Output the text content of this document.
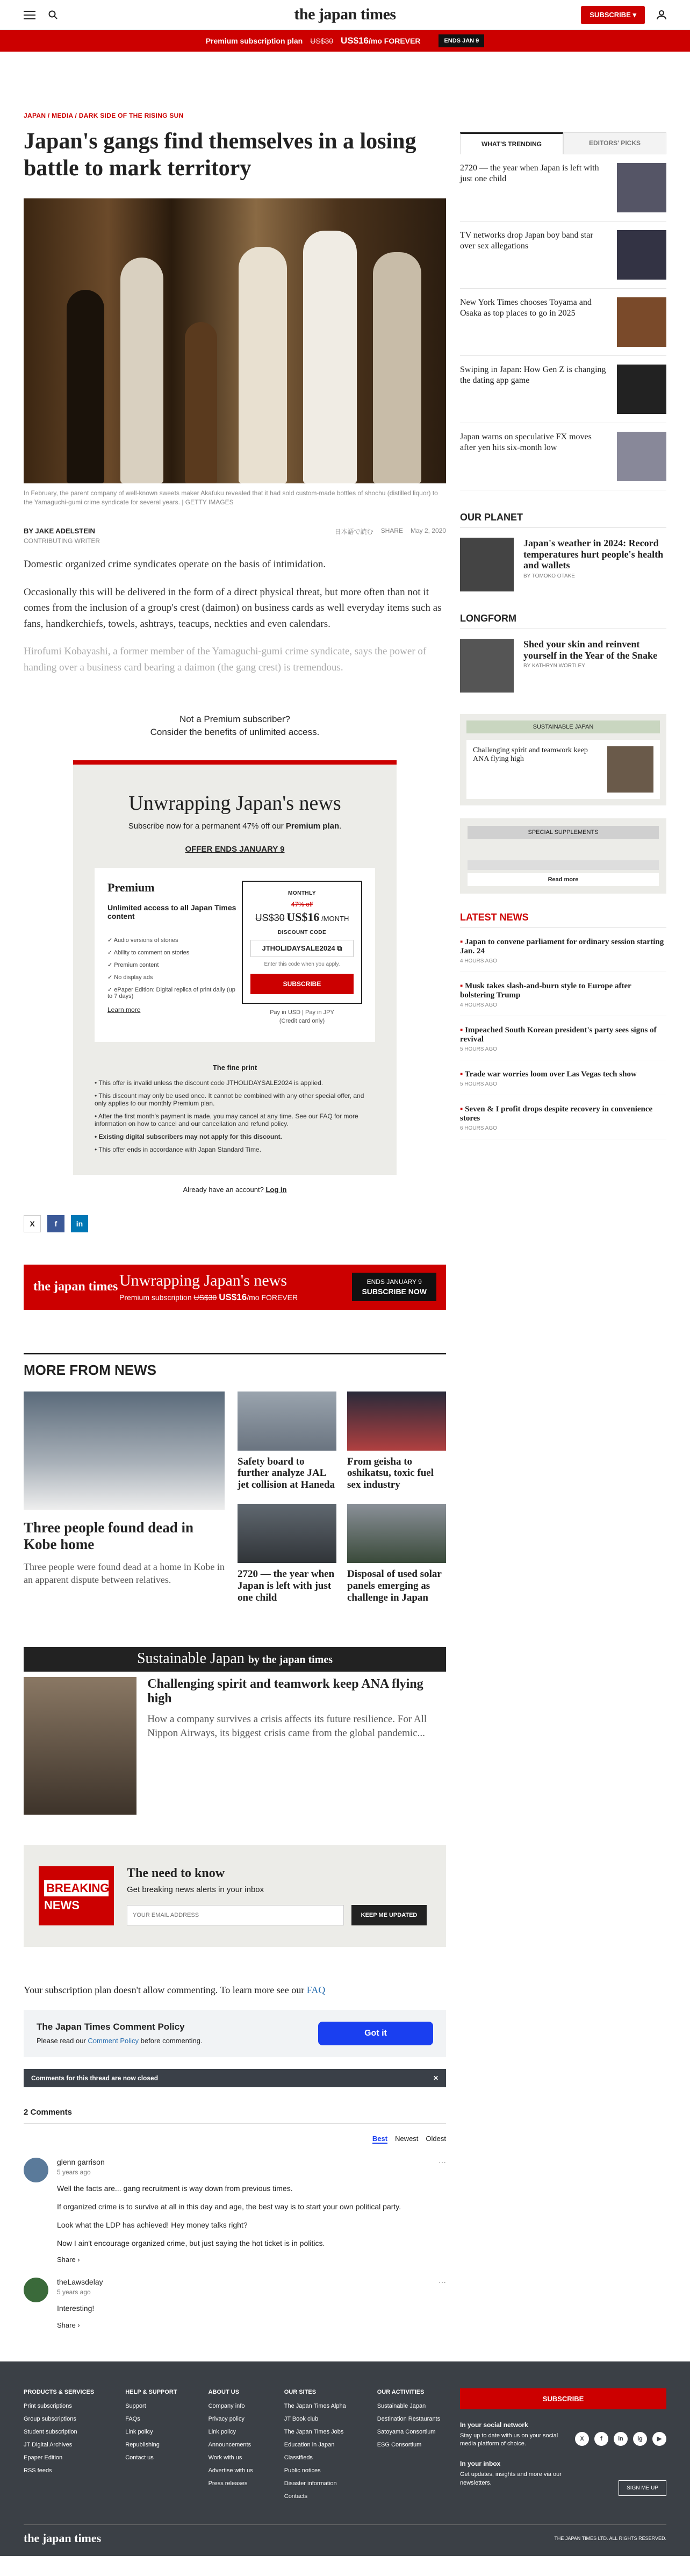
the japan times	SUBSCRIBE ▾
Premium subscription plan US$30 US$16/mo FOREVER	ENDS JAN 9
JAPAN / MEDIA / DARK SIDE OF THE RISING SUN
Japan's gangs find themselves in a losing battle to mark territory
In February, the parent company of well-known sweets maker Akafuku revealed that it had sold custom-made bottles of shochu (distilled liquor) to the Yamaguchi-gumi crime syndicate for several years. | GETTY IMAGES
BY JAKE ADELSTEIN
CONTRIBUTING WRITER
日本語で読む SHARE May 2, 2020

Domestic organized crime syndicates operate on the basis of intimidation.

Occasionally this will be delivered in the form of a direct physical threat, but more often than not it comes from the inclusion of a group's crest (daimon) on business cards as well everyday items such as fans, handkerchiefs, towels, ashtrays, teacups, neckties and even calendars.

Hirofumi Kobayashi, a former member of the Yamaguchi-gumi crime syndicate, says the power of handing over a business card bearing a daimon (the gang crest) is tremendous.

Not a Premium subscriber?
Consider the benefits of unlimited access.
Unwrapping Japan's news
Subscribe now for a permanent 47% off our Premium plan.
OFFER ENDS JANUARY 9
Premium
Unlimited access to all Japan Times content
✓ Audio versions of stories
✓ Ability to comment on stories
✓ Premium content
✓ No display ads
✓ ePaper Edition: Digital replica of print daily (up to 7 days)
Learn more
MONTHLY
47% off
US$30 US$16 /MONTH
DISCOUNT CODE
JTHOLIDAYSALE2024 ⧉
Enter this code when you apply.
SUBSCRIBE
Pay in USD | Pay in JPY
(Credit card only)
The fine print
• This offer is invalid unless the discount code JTHOLIDAYSALE2024 is applied.
• This discount may only be used once. It cannot be combined with any other special offer, and only applies to our monthly Premium plan.
• After the first month's payment is made, you may cancel at any time. See our FAQ for more information on how to cancel and our cancellation and refund policy.
• Existing digital subscribers may not apply for this discount.
• This offer ends in accordance with Japan Standard Time.
Already have an account? Log in
X	f	in
the japan times Unwrapping Japan's news
Premium subscription US$30 US$16/mo FOREVER
ENDS JANUARY 9
SUBSCRIBE NOW
MORE FROM NEWS
Three people found dead in Kobe home

Three people were found dead at a home in Kobe in an apparent dispute between relatives.

Safety board to further analyze JAL jet collision at Haneda
From geisha to oshikatsu, toxic fuel sex industry
2720 — the year when Japan is left with just one child
Disposal of used solar panels emerging as challenge in Japan
Sustainable Japan by the japan times
Challenging spirit and teamwork keep ANA flying high

How a company survives a crisis affects its future resilience. For All Nippon Airways, its biggest crisis came from the global pandemic...

BREAKING
NEWS
The need to know

Get breaking news alerts in your inbox

YOUR EMAIL ADDRESS
KEEP ME UPDATED
Your subscription plan doesn't allow commenting. To learn more see our FAQ
The Japan Times Comment Policy

Please read our Comment Policy before commenting.

Got it
Comments for this thread are now closed	✕
2 Comments
Best Newest Oldest
glenn garrison	···
5 years ago

Well the facts are... gang recruitment is way down from previous times.

If organized crime is to survive at all in this day and age, the best way is to start your own political party.

Look what the LDP has achieved! Hey money talks right?

Now I ain't encourage organized crime, but just saying the hot ticket is in politics.

Share ›
theLawsdelay	···
5 years ago

Interesting!

Share ›
WHAT'S TRENDING	EDITORS' PICKS
2720 — the year when Japan is left with just one child
TV networks drop Japan boy band star over sex allegations
New York Times chooses Toyama and Osaka as top places to go in 2025
Swiping in Japan: How Gen Z is changing the dating app game
Japan warns on speculative FX moves after yen hits six-month low
OUR PLANET
Japan's weather in 2024: Record temperatures hurt people's health and wallets
BY TOMOKO OTAKE
LONGFORM
Shed your skin and reinvent yourself in the Year of the Snake
BY KATHRYN WORTLEY
SUSTAINABLE JAPAN
Challenging spirit and teamwork keep ANA flying high
SPECIAL SUPPLEMENTS
Read more
LATEST NEWS
▪ Japan to convene parliament for ordinary session starting Jan. 24
4 HOURS AGO
▪ Musk takes slash-and-burn style to Europe after bolstering Trump
4 HOURS AGO
▪ Impeached South Korean president's party sees signs of revival
5 HOURS AGO
▪ Trade war worries loom over Las Vegas tech show
5 HOURS AGO
▪ Seven & I profit drops despite recovery in convenience stores
6 HOURS AGO
PRODUCTS & SERVICES
Print subscriptions
Group subscriptions
Student subscription
JT Digital Archives
Epaper Edition
RSS feeds
HELP & SUPPORT
Support
FAQs
Link policy
Republishing
Contact us
ABOUT US
Company info
Privacy policy
Link policy
Announcements
Work with us
Advertise with us
Press releases
OUR SITES
The Japan Times Alpha
JT Book club
The Japan Times Jobs
Education in Japan
Classifieds
Public notices
Disaster information
Contacts
OUR ACTIVITIES
Sustainable Japan
Destination Restaurants
Satoyama Consortium
ESG Consortium
SUBSCRIBE
In your social network

Stay up to date with us on your social media platform of choice.

In your inbox

Get updates, insights and more via our newsletters.

X	f	in	ig	▶
SIGN ME UP
the japan times	THE JAPAN TIMES LTD. ALL RIGHTS RESERVED.
